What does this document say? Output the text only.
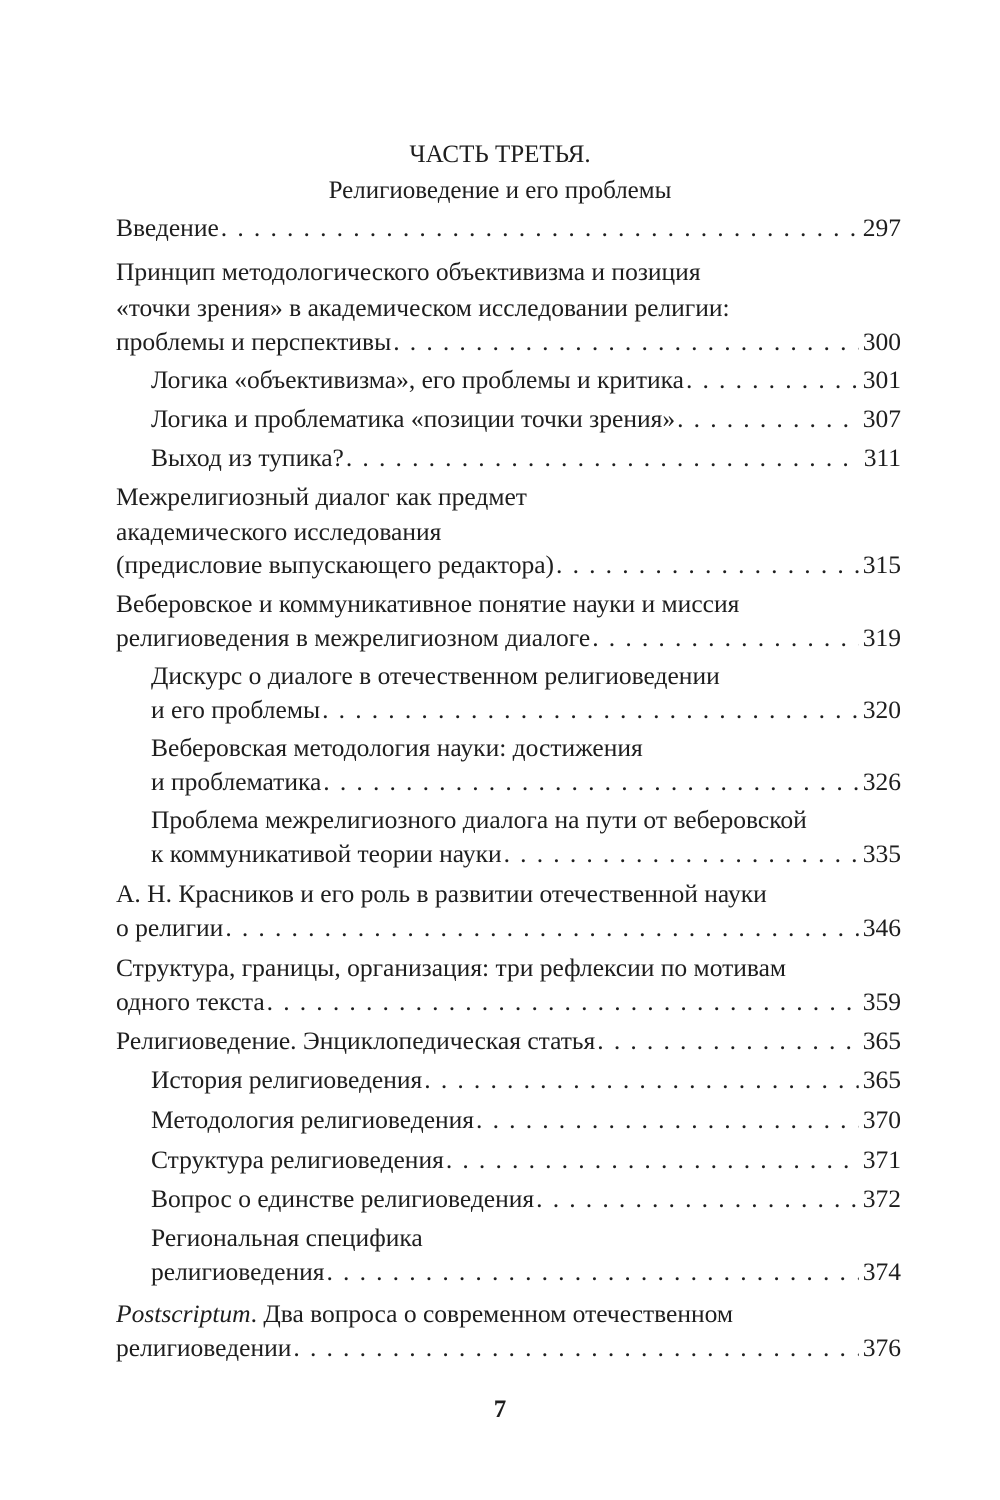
ЧАСТЬ ТРЕТЬЯ.
Религиоведение и его проблемы
Введение . . .	297
Принцип методологического объективизма и позиция
«точки зрения» в академическом исследовании религии:
проблемы и перспективы . . .	300
Логика «объективизма», его проблемы и критика . . .	301
Логика и проблематика «позиции точки зрения» . . .	307
Выход из тупика? . . .	311
Межрелигиозный диалог как предмет
академического исследования
(предисловие выпускающего редактора) . . .	315
Веберовское и коммуникативное понятие науки и миссия
религиоведения в межрелигиозном диалоге . . .	319
Дискурс о диалоге в отечественном религиоведении
и его проблемы . . .	320
Веберовская методология науки: достижения
и проблематика . . .	326
Проблема межрелигиозного диалога на пути от веберовской
к коммуникативой теории науки . . .	335
А. Н. Красников и его роль в развитии отечественной науки
о религии . . .	346
Структура, границы, организация: три рефлексии по мотивам
одного текста . . .	359
Религиоведение. Энциклопедическая статья . . .	365
История религиоведения . . .	365
Методология религиоведения . . .	370
Структура религиоведения . . .	371
Вопрос о единстве религиоведения . . .	372
Региональная специфика
религиоведения . . .	374
Postscriptum. Два вопроса о современном отечественном
религиоведении . . .	376
7
